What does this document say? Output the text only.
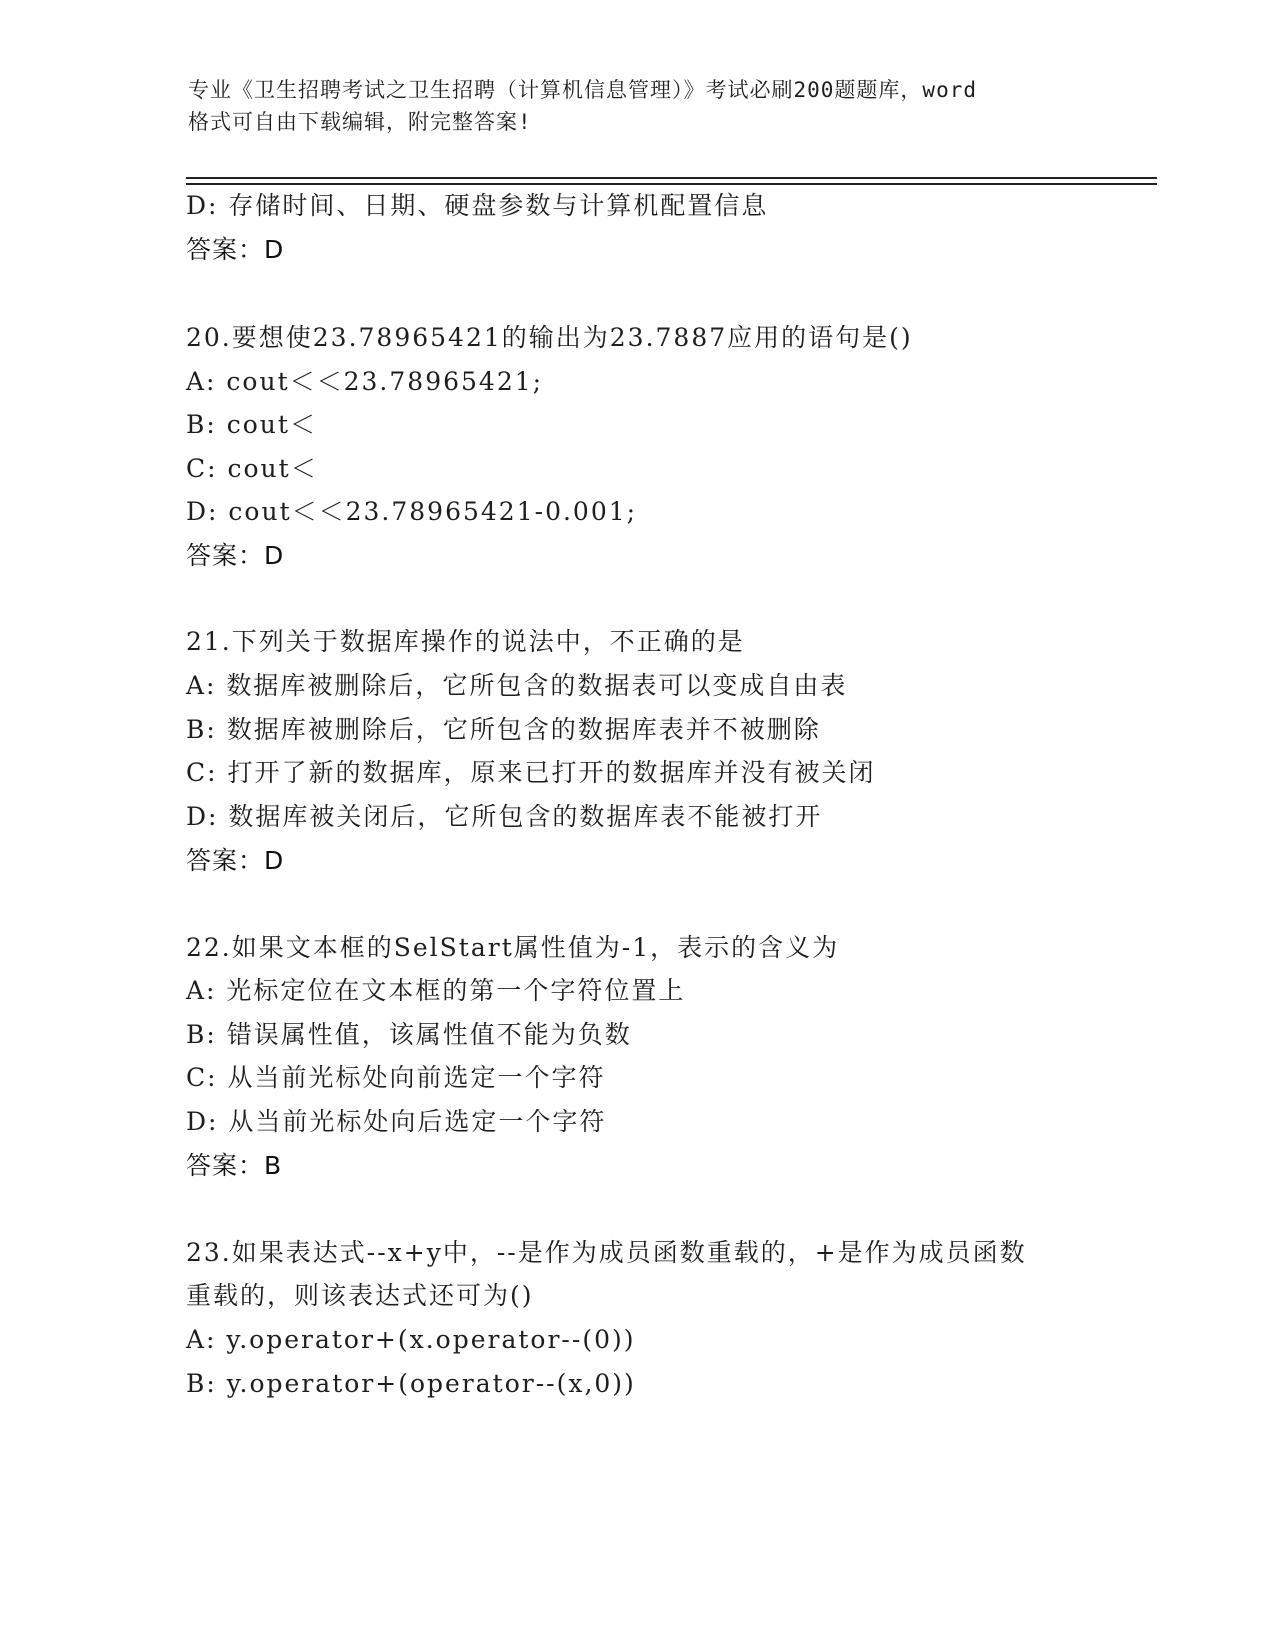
专业《卫生招聘考试之卫生招聘（计算机信息管理）》考试必刷200题题库，word
格式可自由下载编辑，附完整答案!
D: 存储时间、日期、硬盘参数与计算机配置信息
答案：D
20.要想使23.78965421的输出为23.7887应用的语句是()
A: cout＜＜23.78965421;
B: cout＜
C: cout＜
D: cout＜＜23.78965421-0.001;
答案：D
21.下列关于数据库操作的说法中，不正确的是
A: 数据库被删除后，它所包含的数据表可以变成自由表
B: 数据库被删除后，它所包含的数据库表并不被删除
C: 打开了新的数据库，原来已打开的数据库并没有被关闭
D: 数据库被关闭后，它所包含的数据库表不能被打开
答案：D
22.如果文本框的SelStart属性值为-1，表示的含义为
A: 光标定位在文本框的第一个字符位置上
B: 错误属性值，该属性值不能为负数
C: 从当前光标处向前选定一个字符
D: 从当前光标处向后选定一个字符
答案：B
23.如果表达式--x+y中，--是作为成员函数重载的，+是作为成员函数
重载的，则该表达式还可为()
A: y.operator+(x.operator--(0))
B: y.operator+(operator--(x,0))
